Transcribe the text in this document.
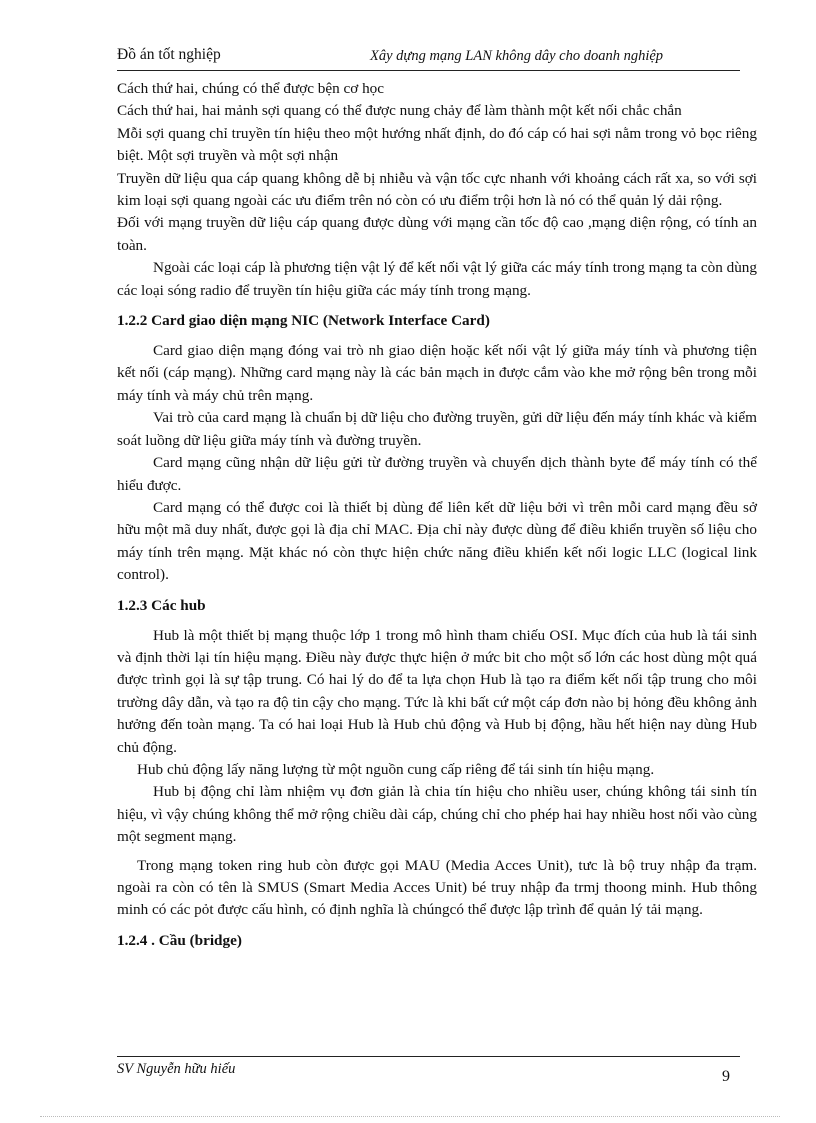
Đồ án tốt nghiệp	Xây dựng mạng LAN không dây cho doanh nghiệp

Cách thứ hai, chúng có thể được bện cơ học

Cách thứ hai, hai mảnh sợi quang có thể được nung chảy để làm thành một kết nối chắc chắn

Mỗi sợi quang chỉ truyền tín hiệu theo một hướng nhất định, do đó cáp có hai sợi nằm trong vỏ bọc riêng biệt. Một sợi truyền và một sợi nhận

Truyền dữ liệu qua cáp quang không dễ bị nhiễu và vận tốc cực nhanh với khoảng cách rất xa, so với sợi kim loại sợi quang ngoài các ưu điểm trên nó còn có ưu điểm trội hơn là nó có thể quản lý dải rộng.

Đối với mạng truyền dữ liệu cáp quang được dùng với mạng cần tốc độ cao ,mạng diện rộng, có tính an toàn.

Ngoài các loại cáp là phương tiện vật lý để kết nối vật lý giữa các máy tính trong mạng ta còn dùng các loại sóng radio để truyền tín hiệu giữa các máy tính trong mạng.

1.2.2 Card giao diện mạng NIC (Network Interface Card)

Card giao diện mạng đóng vai trò nh giao diện hoặc kết nối vật lý giữa máy tính và phương tiện kết nối (cáp mạng). Những card mạng này là các bản mạch in được cắm vào khe mở rộng bên trong mỗi máy tính và máy chủ trên mạng.

Vai trò của card mạng là chuẩn bị dữ liệu cho đường truyền, gửi dữ liệu đến máy tính khác và kiểm soát luồng dữ liệu giữa máy tính và đường truyền.

Card mạng cũng nhận dữ liệu gửi từ đường truyền và chuyển dịch thành byte để máy tính có thể hiểu được.

Card mạng có thể được coi là thiết bị dùng để liên kết dữ liệu bởi vì trên mỗi card mạng đều sở hữu một mã duy nhất, được gọi là địa chỉ MAC. Địa chỉ này được dùng để điều khiển truyền số liệu cho máy tính trên mạng. Mặt khác nó còn thực hiện chức năng điều khiển kết nối logic LLC (logical link control).

1.2.3 Các hub

Hub là một thiết bị mạng thuộc lớp 1 trong mô hình tham chiếu OSI. Mục đích của hub là tái sinh và định thời lại tín hiệu mạng. Điều này được thực hiện ở mức bit cho một số lớn các host dùng một quá được trình gọi là sự tập trung. Có hai lý do để ta lựa chọn Hub là tạo ra điểm kết nối tập trung cho môi trường dây dẫn, và tạo ra độ tin cậy cho mạng. Tức là khi bất cứ một cáp đơn nào bị hỏng đều không ảnh hưởng đến toàn mạng. Ta có hai loại Hub là Hub chủ động và Hub bị động, hầu hết hiện nay dùng Hub chủ động.

Hub chủ động lấy năng lượng từ một nguồn cung cấp riêng để tái sinh tín hiệu mạng.

Hub bị động chỉ làm nhiệm vụ đơn giản là chia tín hiệu cho nhiều user, chúng không tái sinh tín hiệu, vì vậy chúng không thể mở rộng chiều dài cáp, chúng chỉ cho phép hai hay nhiều host nối vào cùng một segment mạng.

Trong mạng token ring hub còn được gọi MAU (Media Acces Unit), tưc là bộ truy nhập đa trạm. ngoài ra còn có tên là SMUS (Smart Media Acces Unit) bé truy nhập đa trmj thoong minh. Hub thông minh có các pỏt được cấu hình, có định nghĩa là chúngcó thể được lập trình để quản lý tải mạng.

1.2.4 . Cầu (bridge)
SV Nguyễn hữu hiếu	9
